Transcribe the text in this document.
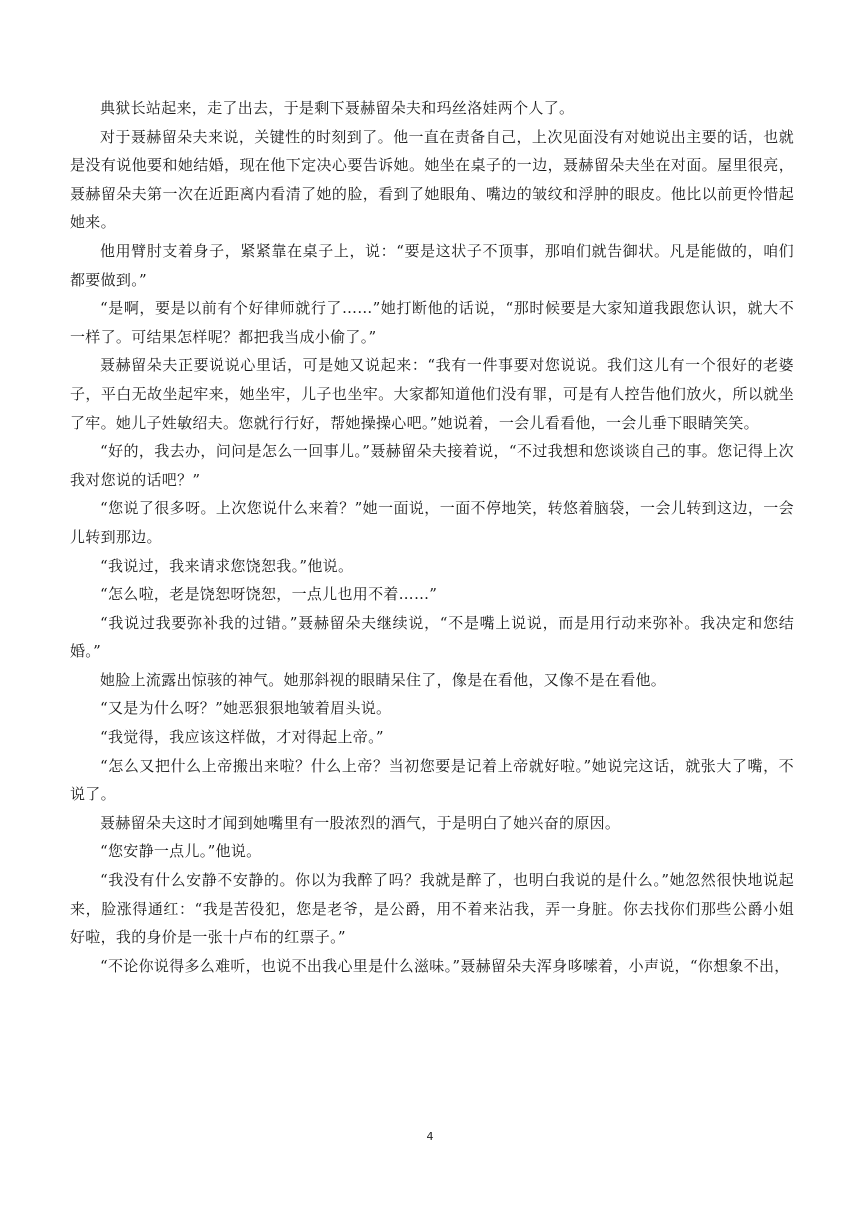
典狱长站起来，走了出去，于是剩下聂赫留朵夫和玛丝洛娃两个人了。

对于聂赫留朵夫来说，关键性的时刻到了。他一直在责备自己，上次见面没有对她说出主要的话，也就是没有说他要和她结婚，现在他下定决心要告诉她。她坐在桌子的一边，聂赫留朵夫坐在对面。屋里很亮，聂赫留朵夫第一次在近距离内看清了她的脸，看到了她眼角、嘴边的皱纹和浮肿的眼皮。他比以前更怜惜起她来。

他用臂肘支着身子，紧紧靠在桌子上，说：“要是这状子不顶事，那咱们就告御状。凡是能做的，咱们都要做到。”

“是啊，要是以前有个好律师就行了……”她打断他的话说，“那时候要是大家知道我跟您认识，就大不一样了。可结果怎样呢？都把我当成小偷了。”

聂赫留朵夫正要说说心里话，可是她又说起来：“我有一件事要对您说说。我们这儿有一个很好的老婆子，平白无故坐起牢来，她坐牢，儿子也坐牢。大家都知道他们没有罪，可是有人控告他们放火，所以就坐了牢。她儿子姓敏绍夫。您就行行好，帮她操操心吧。”她说着，一会儿看看他，一会儿垂下眼睛笑笑。

“好的，我去办，问问是怎么一回事儿。”聂赫留朵夫接着说，“不过我想和您谈谈自己的事。您记得上次我对您说的话吧？”

“您说了很多呀。上次您说什么来着？”她一面说，一面不停地笑，转悠着脑袋，一会儿转到这边，一会儿转到那边。

“我说过，我来请求您饶恕我。”他说。

“怎么啦，老是饶恕呀饶恕，一点儿也用不着……”

“我说过我要弥补我的过错。”聂赫留朵夫继续说，“不是嘴上说说，而是用行动来弥补。我决定和您结婚。”

她脸上流露出惊骇的神气。她那斜视的眼睛呆住了，像是在看他，又像不是在看他。

“又是为什么呀？”她恶狠狠地皱着眉头说。

“我觉得，我应该这样做，才对得起上帝。”

“怎么又把什么上帝搬出来啦？什么上帝？当初您要是记着上帝就好啦。”她说完这话，就张大了嘴，不说了。

聂赫留朵夫这时才闻到她嘴里有一股浓烈的酒气，于是明白了她兴奋的原因。

“您安静一点儿。”他说。

“我没有什么安静不安静的。你以为我醉了吗？我就是醉了，也明白我说的是什么。”她忽然很快地说起来，脸涨得通红：“我是苦役犯，您是老爷，是公爵，用不着来沾我，弄一身脏。你去找你们那些公爵小姐好啦，我的身价是一张十卢布的红票子。”

“不论你说得多么难听，也说不出我心里是什么滋味。”聂赫留朵夫浑身哆嗦着，小声说，“你想象不出，

4
